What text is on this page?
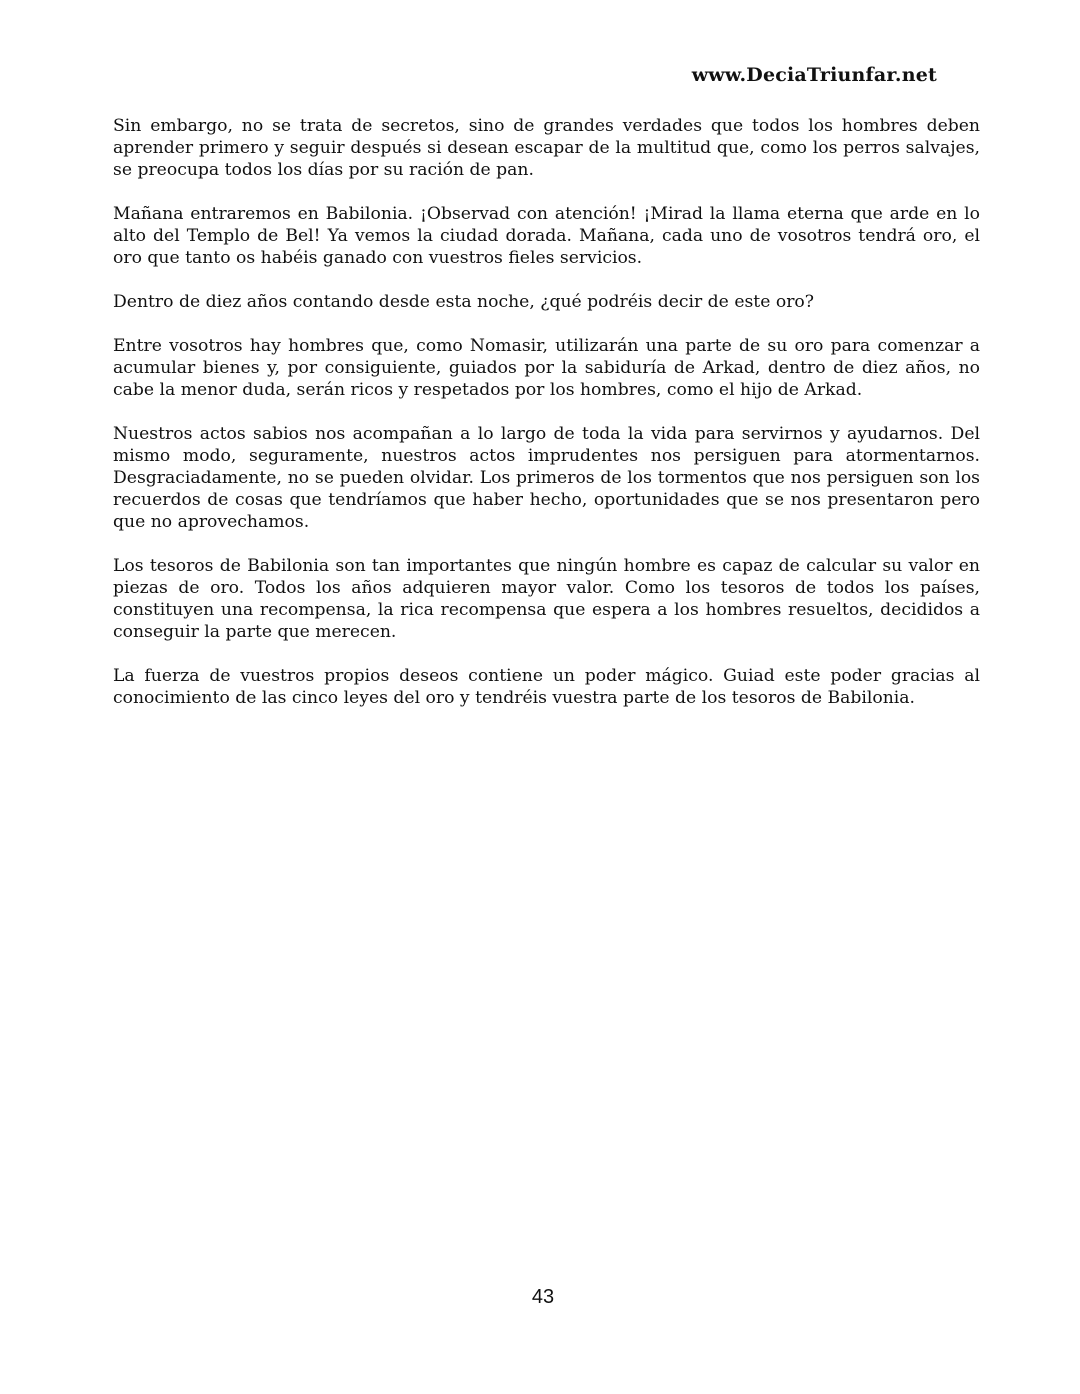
www.DeciaTriunfar.net

Sin embargo, no se trata de secretos, sino de grandes verdades que todos los hombres deben aprender primero y seguir después si desean escapar de la multitud que, como los perros salvajes, se preocupa todos los días por su ración de pan.

Mañana entraremos en Babilonia. ¡Observad con atención! ¡Mirad la llama eterna que arde en lo alto del Templo de Bel! Ya vemos la ciudad dorada. Mañana, cada uno de vosotros tendrá oro, el oro que tanto os habéis ganado con vuestros fieles servicios.

Dentro de diez años contando desde esta noche, ¿qué podréis decir de este oro?

Entre vosotros hay hombres que, como Nomasir, utilizarán una parte de su oro para comenzar a acumular bienes y, por consiguiente, guiados por la sabiduría de Arkad, dentro de diez años, no cabe la menor duda, serán ricos y respetados por los hombres, como el hijo de Arkad.

Nuestros actos sabios nos acompañan a lo largo de toda la vida para servirnos y ayudarnos. Del mismo modo, seguramente, nuestros actos imprudentes nos persiguen para atormentarnos. Desgraciadamente, no se pueden olvidar. Los primeros de los tormentos que nos persiguen son los recuerdos de cosas que tendríamos que haber hecho, oportunidades que se nos presentaron pero que no aprovechamos.

Los tesoros de Babilonia son tan importantes que ningún hombre es capaz de calcular su valor en piezas de oro. Todos los años adquieren mayor valor. Como los tesoros de todos los países, constituyen una recompensa, la rica recompensa que espera a los hombres resueltos, decididos a conseguir la parte que merecen.

La fuerza de vuestros propios deseos contiene un poder mágico. Guiad este poder gracias al conocimiento de las cinco leyes del oro y tendréis vuestra parte de los tesoros de Babilonia.

43
